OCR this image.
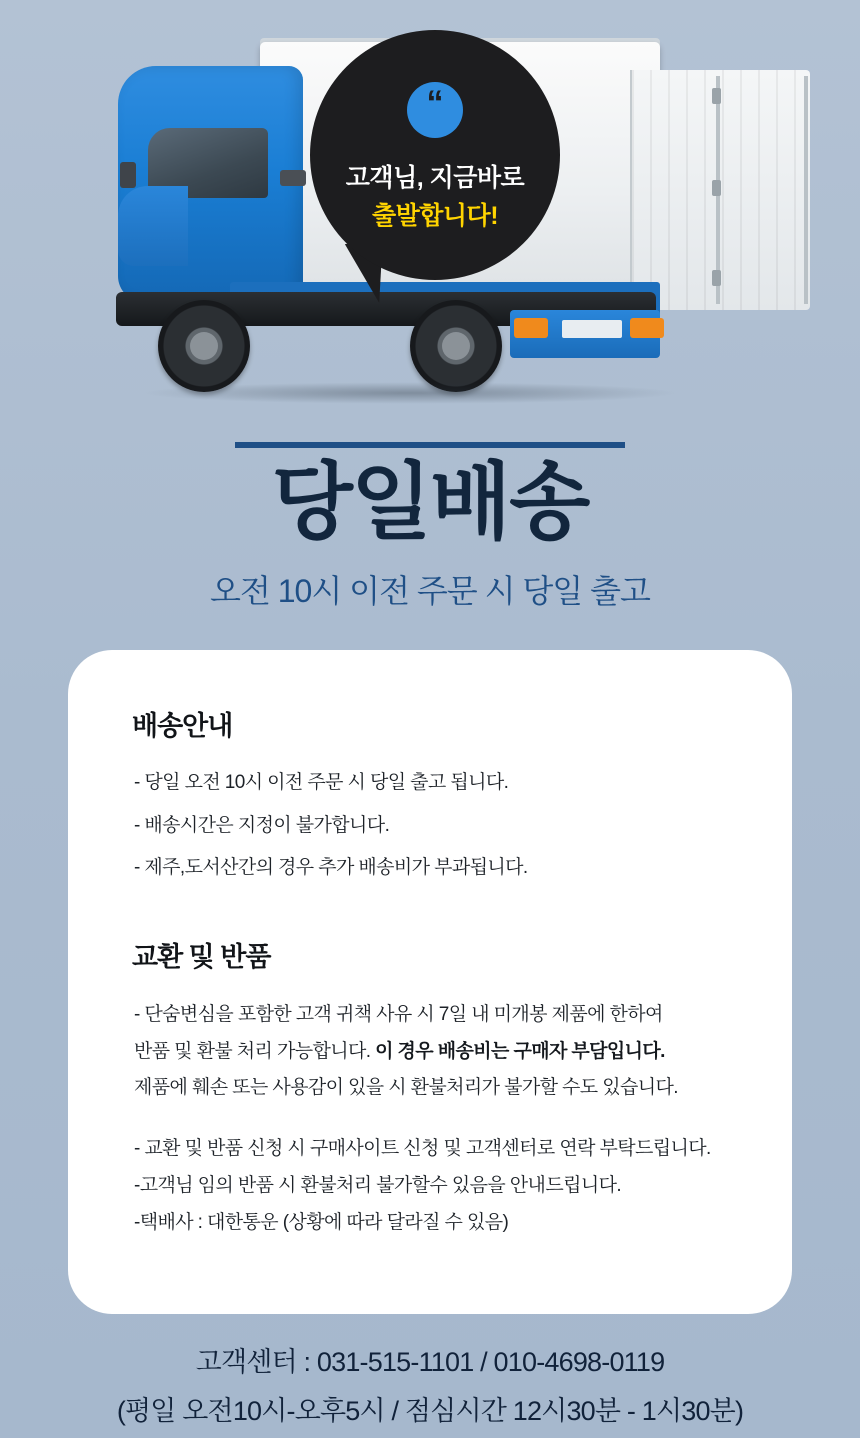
“
고객님, 지금바로
출발합니다!
당일배송

오전 10시 이전 주문 시 당일 출고

배송안내

- 당일 오전 10시 이전 주문 시 당일 출고 됩니다.

- 배송시간은 지정이 불가합니다.

- 제주,도서산간의 경우 추가 배송비가 부과됩니다.

교환 및 반품

- 단숨변심을 포함한 고객 귀책 사유 시 7일 내 미개봉 제품에 한하여

반품 및 환불 처리 가능합니다. 이 경우 배송비는 구매자 부담입니다.

제품에 훼손 또는 사용감이 있을 시 환불처리가 불가할 수도 있습니다.

- 교환 및 반품 신청 시 구매사이트 신청 및 고객센터로 연락 부탁드립니다.

-고객님 임의 반품 시 환불처리 불가할수 있음을 안내드립니다.

-택배사 : 대한통운 (상황에 따라 달라질 수 있음)

고객센터 : 031-515-1101 / 010-4698-0119

(평일 오전10시-오후5시 / 점심시간 12시30분 - 1시30분)
